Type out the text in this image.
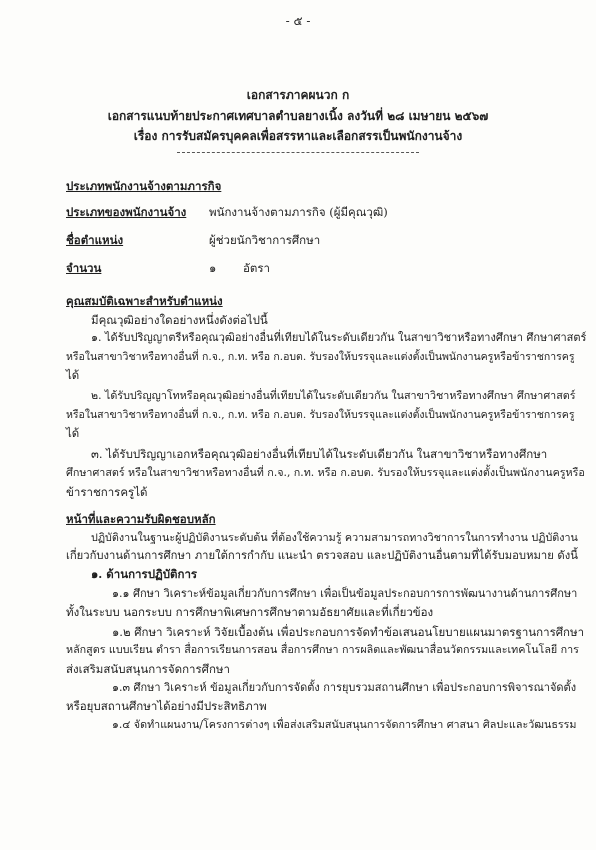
- ๕ -
เอกสารภาคผนวก ก
เอกสารแนบท้ายประกาศเทศบาลตำบลยางเนิ้ง ลงวันที่ ๒๘ เมษายน ๒๕๖๗
เรื่อง การรับสมัครบุคคลเพื่อสรรหาและเลือกสรรเป็นพนักงานจ้าง
ประเภทพนักงานจ้างตามภารกิจ
ประเภทของพนักงานจ้าง พนักงานจ้างตามภารกิจ (ผู้มีคุณวุฒิ)
ชื่อตำแหน่ง	ผู้ช่วยนักวิชาการศึกษา
จำนวน	๑ อัตรา
คุณสมบัติเฉพาะสำหรับตำแหน่ง
มีคุณวุฒิอย่างใดอย่างหนึ่งดังต่อไปนี้
๑. ได้รับปริญญาตรีหรือคุณวุฒิอย่างอื่นที่เทียบได้ในระดับเดียวกัน ในสาขาวิชาหรือทางศึกษา ศึกษาศาสตร์
หรือในสาขาวิชาหรือทางอื่นที่ ก.จ., ก.ท. หรือ ก.อบต. รับรองให้บรรจุและแต่งตั้งเป็นพนักงานครูหรือข้าราชการครู
ได้
๒. ได้รับปริญญาโทหรือคุณวุฒิอย่างอื่นที่เทียบได้ในระดับเดียวกัน ในสาขาวิชาหรือทางศึกษา ศึกษาศาสตร์
หรือในสาขาวิชาหรือทางอื่นที่ ก.จ., ก.ท. หรือ ก.อบต. รับรองให้บรรจุและแต่งตั้งเป็นพนักงานครูหรือข้าราชการครู
ได้
๓. ได้รับปริญญาเอกหรือคุณวุฒิอย่างอื่นที่เทียบได้ในระดับเดียวกัน ในสาขาวิชาหรือทางศึกษา
ศึกษาศาสตร์ หรือในสาขาวิชาหรือทางอื่นที่ ก.จ., ก.ท. หรือ ก.อบต. รับรองให้บรรจุและแต่งตั้งเป็นพนักงานครูหรือ
ข้าราชการครูได้
หน้าที่และความรับผิดชอบหลัก
ปฏิบัติงานในฐานะผู้ปฏิบัติงานระดับต้น ที่ต้องใช้ความรู้ ความสามารถทางวิชาการในการทำงาน ปฏิบัติงาน
เกี่ยวกับงานด้านการศึกษา ภายใต้การกำกับ แนะนำ ตรวจสอบ และปฏิบัติงานอื่นตามที่ได้รับมอบหมาย ดังนี้
๑. ด้านการปฏิบัติการ
๑.๑ ศึกษา วิเคราะห์ข้อมูลเกี่ยวกับการศึกษา เพื่อเป็นข้อมูลประกอบการการพัฒนางานด้านการศึกษา
ทั้งในระบบ นอกระบบ การศึกษาพิเศษการศึกษาตามอัธยาศัยและที่เกี่ยวข้อง
๑.๒ ศึกษา วิเคราะห์ วิจัยเบื้องต้น เพื่อประกอบการจัดทำข้อเสนอนโยบายแผนมาตรฐานการศึกษา
หลักสูตร แบบเรียน ตำรา สื่อการเรียนการสอน สื่อการศึกษา การผลิตและพัฒนาสื่อนวัตกรรมและเทคโนโลยี การ
ส่งเสริมสนับสนุนการจัดการศึกษา
๑.๓ ศึกษา วิเคราะห์ ข้อมูลเกี่ยวกับการจัดตั้ง การยุบรวมสถานศึกษา เพื่อประกอบการพิจารณาจัดตั้ง
หรือยุบสถานศึกษาได้อย่างมีประสิทธิภาพ
๑.๔ จัดทำแผนงาน/โครงการต่างๆ เพื่อส่งเสริมสนับสนุนการจัดการศึกษา ศาสนา ศิลปะและวัฒนธรรม
